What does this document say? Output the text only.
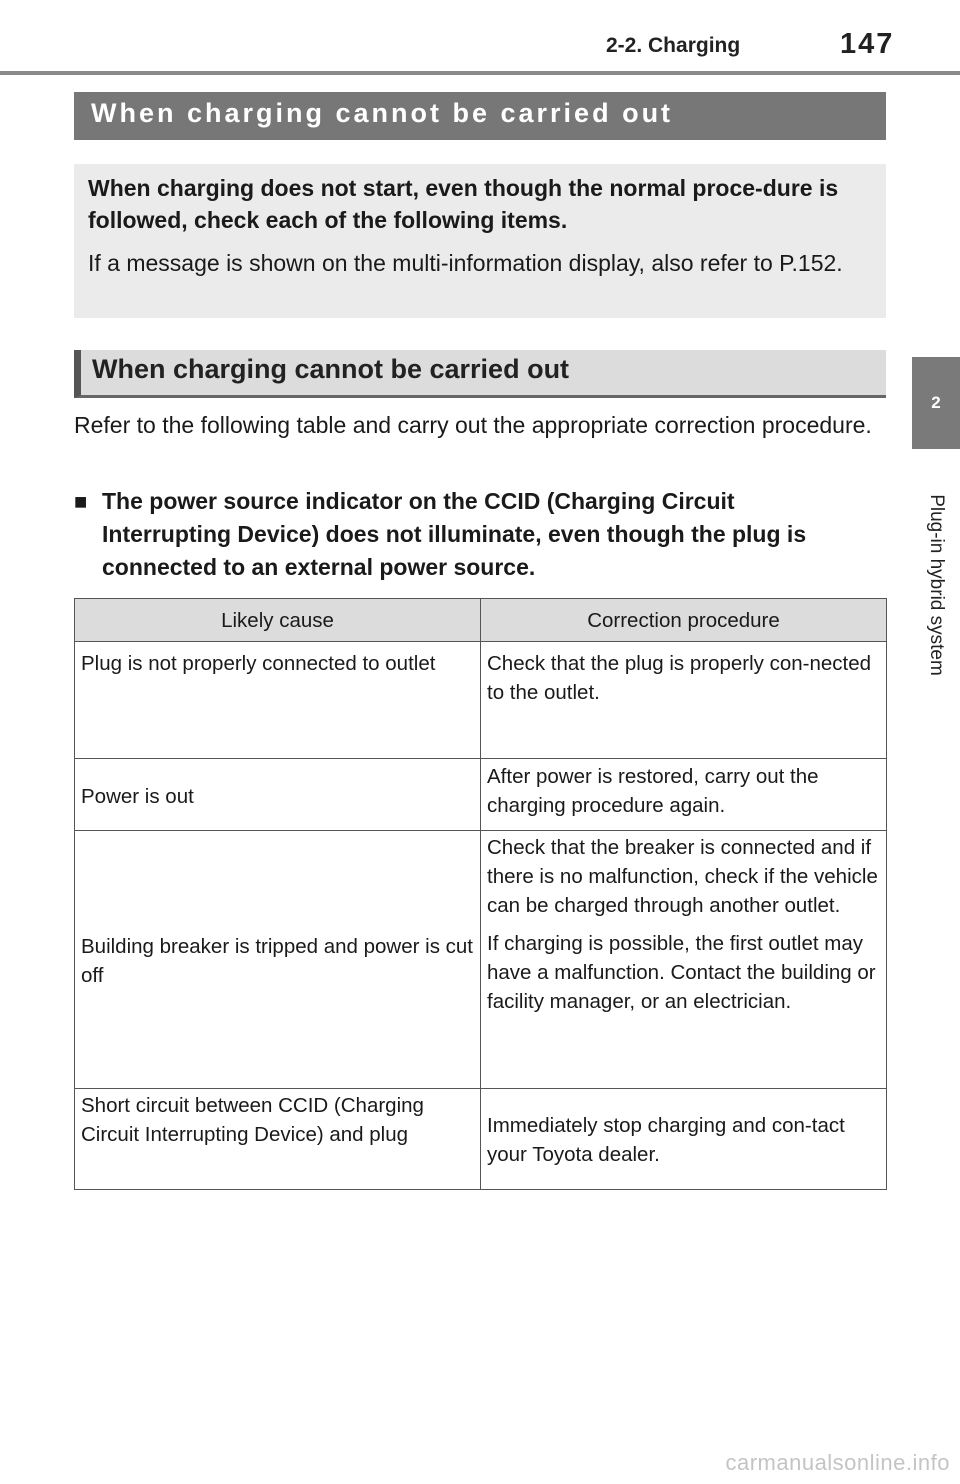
2-2. Charging	147
2
Plug-in hybrid system
When charging cannot be carried out

When charging does not start, even though the normal proce-dure is followed, check each of the following items.

If a message is shown on the multi-information display, also refer to P.152.

When charging cannot be carried out

Refer to the following table and carry out the appropriate correction procedure.

■ The power source indicator on the CCID (Charging Circuit Interrupting Device) does not illuminate, even though the plug is connected to an external power source.
Likely cause	Correction procedure
Plug is not properly connected to outlet	Check that the plug is properly con-nected to the outlet.

Power is out	After power is restored, carry out the charging procedure again.

Building breaker is tripped and power is cut off	Check that the breaker is connected and if there is no malfunction, check if the vehicle can be charged through another outlet.

If charging is possible, the first outlet may have a malfunction. Contact the building or facility manager, or an electrician.

Short circuit between CCID (Charging Circuit Interrupting Device) and plug	Immediately stop charging and con-tact your Toyota dealer.

carmanualsonline.info
